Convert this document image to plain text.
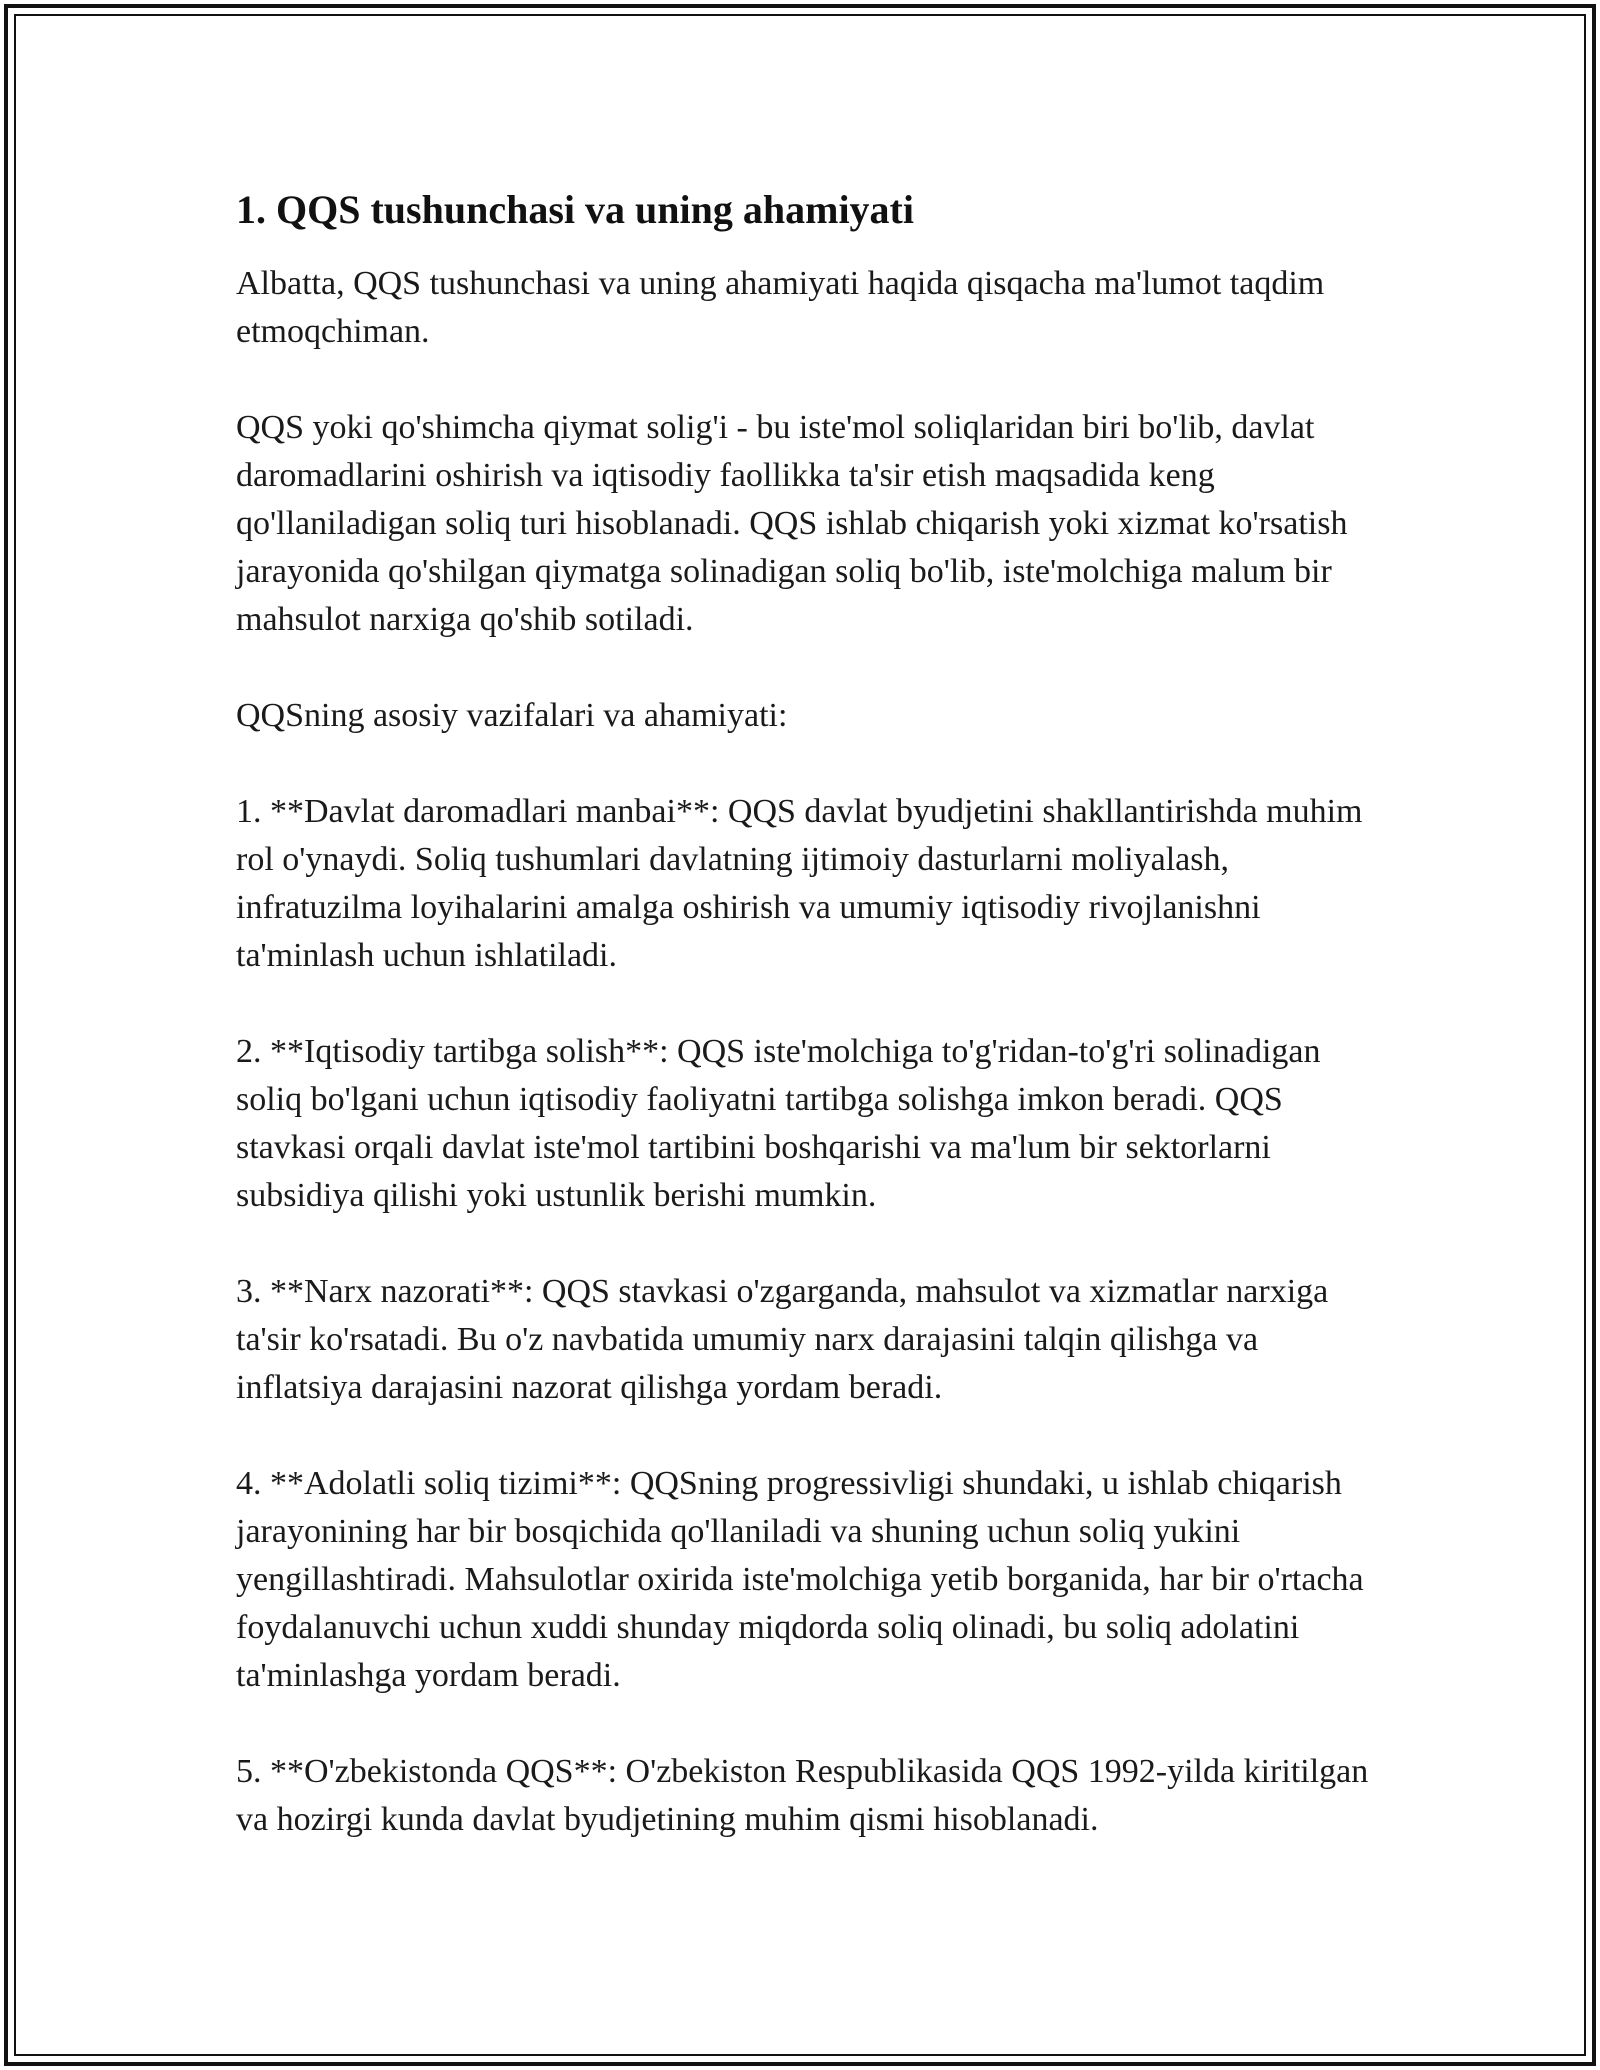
1. QQS tushunchasi va uning ahamiyati

Albatta, QQS tushunchasi va uning ahamiyati haqida qisqacha ma'lumot taqdim etmoqchiman.

QQS yoki qo'shimcha qiymat solig'i - bu iste'mol soliqlaridan biri bo'lib, davlat daromadlarini oshirish va iqtisodiy faollikka ta'sir etish maqsadida keng qo'llaniladigan soliq turi hisoblanadi. QQS ishlab chiqarish yoki xizmat ko'rsatish jarayonida qo'shilgan qiymatga solinadigan soliq bo'lib, iste'molchiga malum bir mahsulot narxiga qo'shib sotiladi.

QQSning asosiy vazifalari va ahamiyati:

1. **Davlat daromadlari manbai**: QQS davlat byudjetini shakllantirishda muhim rol o'ynaydi. Soliq tushumlari davlatning ijtimoiy dasturlarni moliyalash, infratuzilma loyihalarini amalga oshirish va umumiy iqtisodiy rivojlanishni ta'minlash uchun ishlatiladi.

2. **Iqtisodiy tartibga solish**: QQS iste'molchiga to'g'ridan-to'g'ri solinadigan soliq bo'lgani uchun iqtisodiy faoliyatni tartibga solishga imkon beradi. QQS stavkasi orqali davlat iste'mol tartibini boshqarishi va ma'lum bir sektorlarni subsidiya qilishi yoki ustunlik berishi mumkin.

3. **Narx nazorati**: QQS stavkasi o'zgarganda, mahsulot va xizmatlar narxiga ta'sir ko'rsatadi. Bu o'z navbatida umumiy narx darajasini talqin qilishga va inflatsiya darajasini nazorat qilishga yordam beradi.

4. **Adolatli soliq tizimi**: QQSning progressivligi shundaki, u ishlab chiqarish jarayonining har bir bosqichida qo'llaniladi va shuning uchun soliq yukini yengillashtiradi. Mahsulotlar oxirida iste'molchiga yetib borganida, har bir o'rtacha foydalanuvchi uchun xuddi shunday miqdorda soliq olinadi, bu soliq adolatini ta'minlashga yordam beradi.

5. **O'zbekistonda QQS**: O'zbekiston Respublikasida QQS 1992-yilda kiritilgan va hozirgi kunda davlat byudjetining muhim qismi hisoblanadi.
